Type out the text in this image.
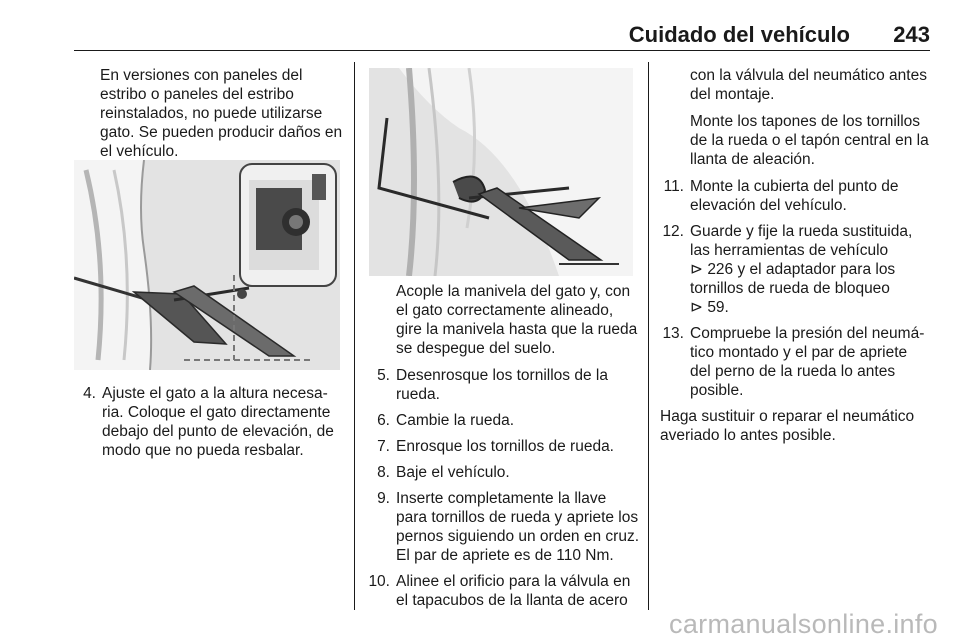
Cuidado del vehículo 243

En versiones con paneles del estribo o paneles del estribo reinstalados, no puede utilizarse gato. Se pueden producir daños en el vehículo.

4. Ajuste el gato a la altura necesa-ria. Coloque el gato directamente debajo del punto de elevación, de modo que no pueda resbalar.

Acople la manivela del gato y, con el gato correctamente alineado, gire la manivela hasta que la rueda se despegue del suelo.

5. Desenrosque los tornillos de la rueda.
6. Cambie la rueda.
7. Enrosque los tornillos de rueda.
8. Baje el vehículo.
9. Inserte completamente la llave para tornillos de rueda y apriete los pernos siguiendo un orden en cruz. El par de apriete es de 110 Nm.
10. Alinee el orificio para la válvula en el tapacubos de la llanta de acero

con la válvula del neumático antes del montaje.

Monte los tapones de los tornillos de la rueda o el tapón central en la llanta de aleación.

11. Monte la cubierta del punto de elevación del vehículo.
12. Guarde y fije la rueda sustituida, las herramientas de vehículo
⊳ 226 y el adaptador para los tornillos de rueda de bloqueo
⊳ 59.
13. Compruebe la presión del neumá-tico montado y el par de apriete del perno de la rueda lo antes posible.

Haga sustituir o reparar el neumático averiado lo antes posible.

carmanualsonline.info
